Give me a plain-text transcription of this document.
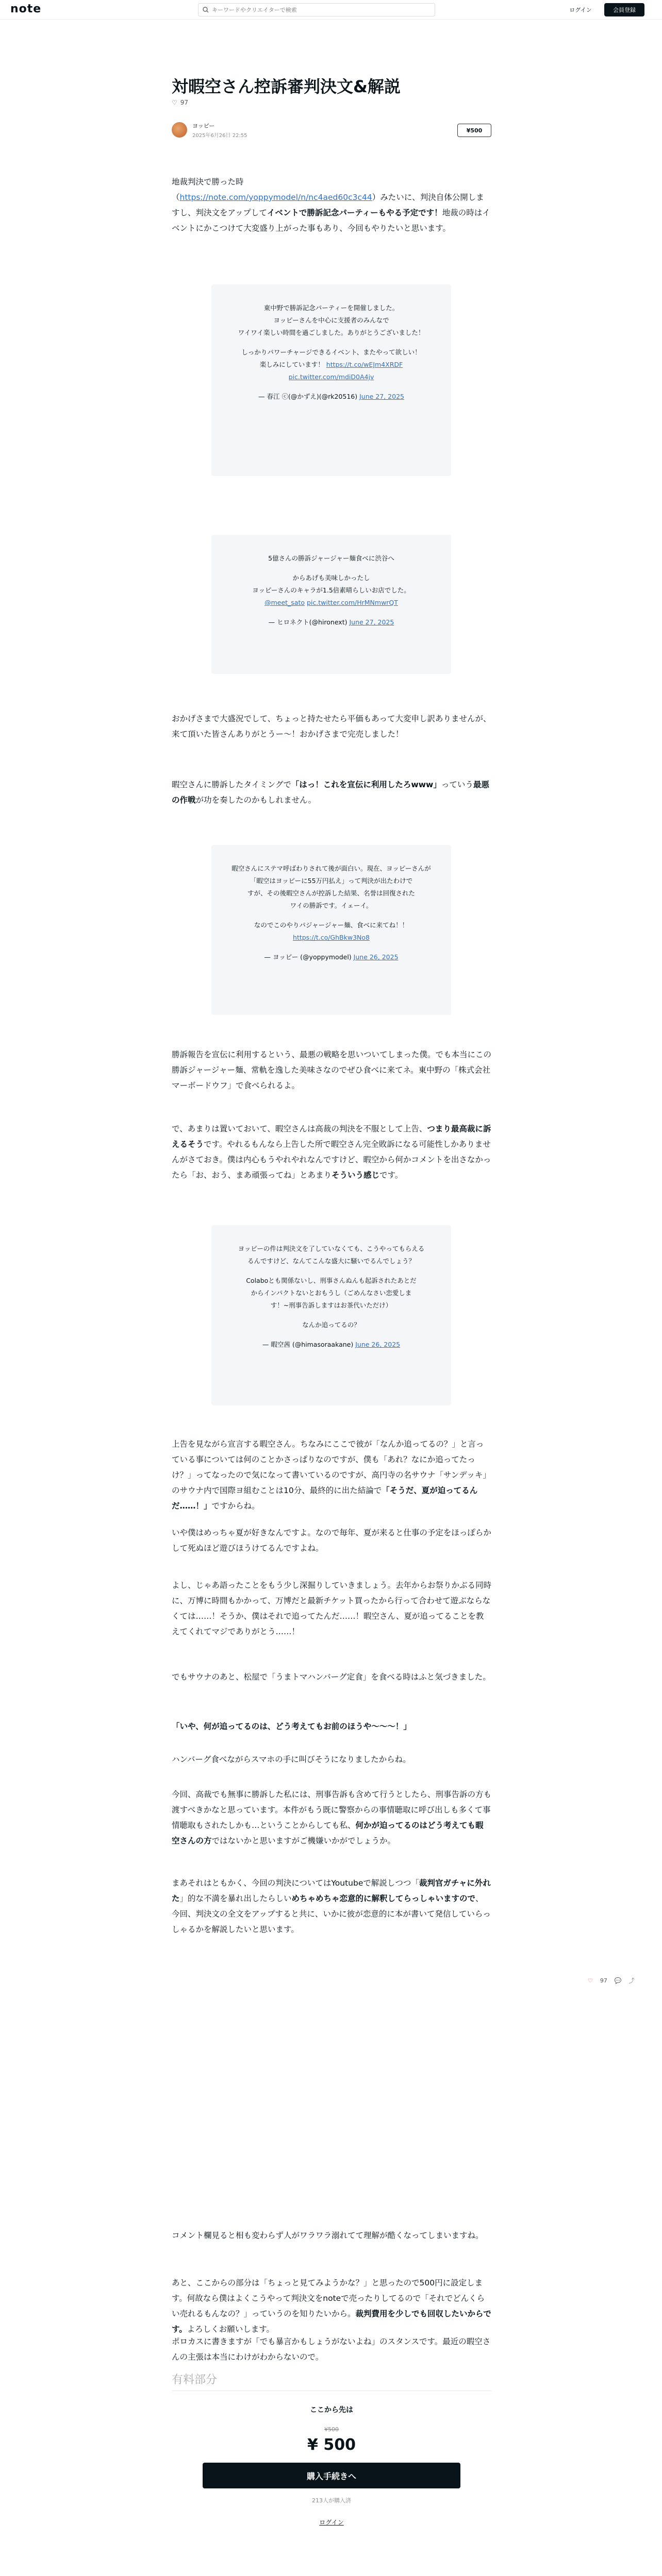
note
キーワードやクリエイターで検索	ログイン	会員登録
対暇空さん控訴審判決文&解説
♡ 97
ヨッピー
2025年6月26日 22:55
¥500

地裁判決で勝った時
（https://note.com/yoppymodel/n/nc4aed60c3c44）みたいに、判決自体公開しますし、判決文をアップしてイベントで勝訴記念パーティーもやる予定です！地裁の時はイベントにかこつけて大変盛り上がった事もあり、今回もやりたいと思います。

東中野で勝訴記念パーティーを開催しました。
ヨッピーさんを中心に支援者のみんなで
ワイワイ楽しい時間を過ごしました。ありがとうございました！

しっかりパワーチャージできるイベント、またやって欲しい！
楽しみにしています！ https://t.co/wEJm4XRDF
pic.twitter.com/mdiD0A4jv

— 春江 ⓒ(@かずえ)(@rk20516) June 27, 2025

5億さんの勝訴ジャージャー麺食べに渋谷へ

からあげも美味しかったし
ヨッピーさんのキャラが1.5倍素晴らしいお店でした。
@meet_sato pic.twitter.com/HrMNmwrQT

— ヒロネクト(@hironext) June 27, 2025

おかげさまで大盛況でして、ちょっと持たせたら平価もあって大変申し訳ありませんが、来て頂いた皆さんありがとうー～！おかげさまで完売しました！

暇空さんに勝訴したタイミングで「はっ！これを宣伝に利用したろwww」っていう最悪の作戦が功を奏したのかもしれません。

暇空さんにステマ呼ばわりされて後が面白い。現在、ヨッピーさんが
「暇空はヨッピーに55万円払え」って判決が出たわけで
すが、その後暇空さんが控訴した結果、名誉は回復された
ワイの勝訴です。イェーイ。

なのでこのやりパジャージャー麺、食べに来てね！！
https://t.co/GhBkw3No8

— ヨッピー (@yoppymodel) June 26, 2025

勝訴報告を宣伝に利用するという、最悪の戦略を思いついてしまった僕。でも本当にこの勝訴ジャージャー麺、常軌を逸した美味さなのでぜひ食べに来てネ。東中野の「株式会社マーボードウフ」で食べられるよ。

で、あまりは置いておいて、暇空さんは高裁の判決を不服として上告、つまり最高裁に訴えるそうです。やれるもんなら上告した所で暇空さん完全敗訴になる可能性しかありませんがさておき。僕は内心もうやれやれなんですけど、暇空から何かコメントを出さなかったら「お、おう、まあ頑張ってね」とあまりそういう感じです。

ヨッピーの件は判決文を了していなくても、こうやってもらえる
るんですけど、なんてこんな盛大に騒いでるんでしょう？

Colaboとも関係ないし、刑事さんぬんも起訴されたあとだ
からインパクトないとおもうし（ごめんなさい恋愛しま
す！~刑事告訴しますはお茶代いただけ）

なんか追ってるの？

— 暇空茜 (@himasoraakane) June 26, 2025

上告を見ながら宣言する暇空さん。ちなみにここで彼が「なんか追ってるの？」と言っている事については何のことかさっぱりなのですが、僕も「あれ？なにか追ってたっけ？」ってなったので気になって書いているのですが、高円寺の名サウナ「サンデッキ」のサウナ内で国際ヨ組むことは10分、最終的に出た結論で「そうだ、夏が迫ってるんだ……！」ですからね。

いや僕はめっちゃ夏が好きなんですよ。なので毎年、夏が来ると仕事の予定をほっぽらかして死ぬほど遊びほうけてるんですよね。

よし、じゃあ語ったことをもう少し深掘りしていきましょう。去年からお祭りかぶる同時に、万博に時間もかかって、万博だと最新チケット買ったから行って合わせて遊ぶならなくては……！そうか、僕はそれで追ってたんだ……！暇空さん、夏が追ってることを教えてくれてマジでありがとう……！

でもサウナのあと、松屋で「うまトマハンバーグ定食」を食べる時はふと気づきました。

「いや、何が追ってるのは、どう考えてもお前のほうや～～～！」

ハンバーグ食べながらスマホの手に叫びそうになりましたからね。

今回、高裁でも無事に勝訴した私には、刑事告訴も含めて行うとしたら、刑事告訴の方も渡すべきかなと思っています。本件がもう既に警察からの事情聴取に呼び出しも多くて事情聴取もされたしかも…ということからしても私、何かが迫ってるのはどう考えても暇空さんの方ではないかと思いますがご機嫌いかがでしょうか。

まあそれはともかく、今回の判決についてはYoutubeで解説しつつ「裁判官ガチャに外れた」的な不満を暴れ出したらしいめちゃめちゃ恋意的に解釈してらっしゃいますので、今回、判決文の全文をアップすると共に、いかに彼が恋意的に本が書いて発信していらっしゃるかを解説したいと思います。

♡ 97 💬 ⤴

コメント欄見ると相も変わらず人がワラワラ溺れてて理解が酷くなってしまいますね。

あと、ここからの部分は「ちょっと見てみようかな？」と思ったので500円に設定します。何故なら僕はよくこうやって判決文をnoteで売ったりしてるので「それでどんくらい売れるもんなの？」っていうのを知りたいから。裁判費用を少しでも回収したいからです。よろしくお願いします。

ポロカスに書きますが「でも暴言かもしょうがないよね」のスタンスです。最近の暇空さんの主張は本当にわけがわからないので。

有料部分
ここから先は
¥500
¥ 500
購入手続きへ
213人が購入済
ログイン
